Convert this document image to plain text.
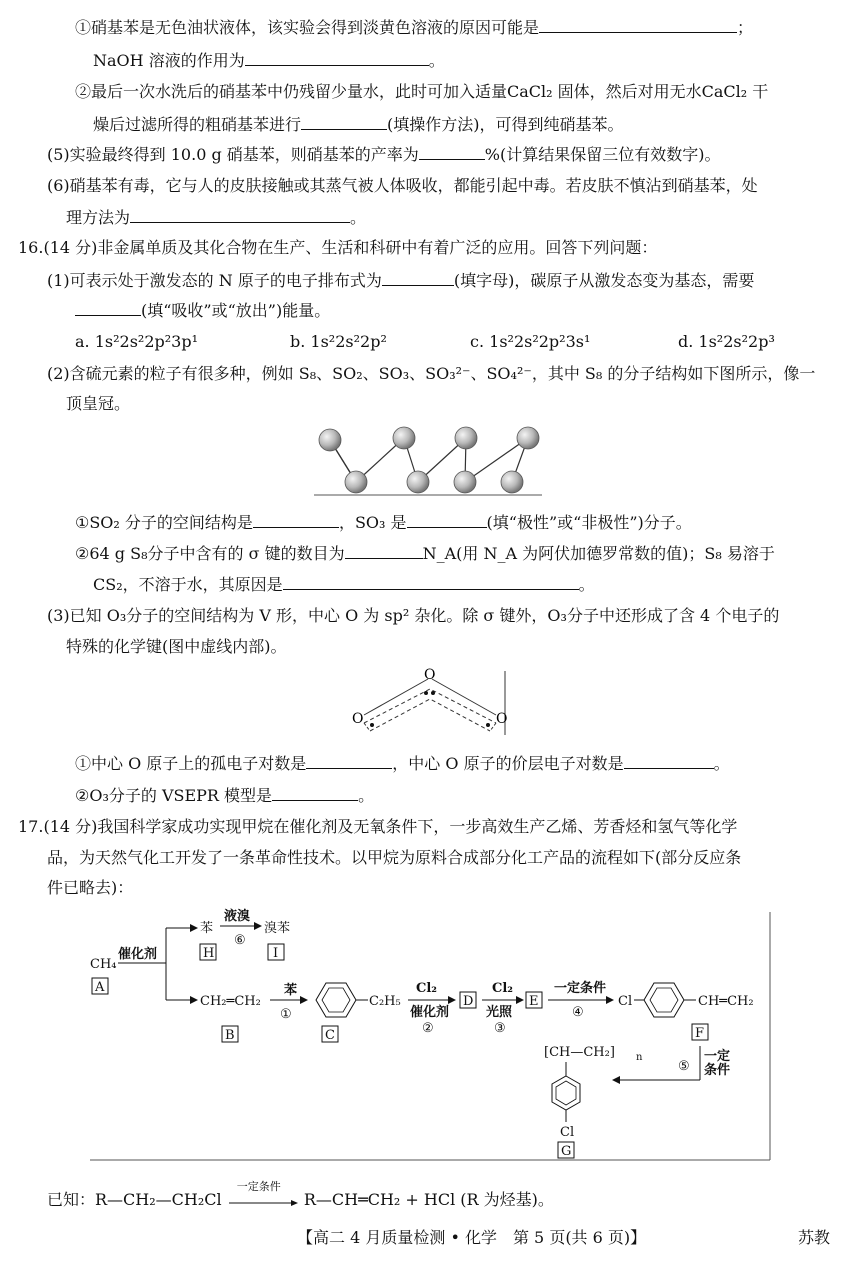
①硝基苯是无色油状液体，该实验会得到淡黄色溶液的原因可能是	；
NaOH 溶液的作用为	。
②最后一次水洗后的硝基苯中仍残留少量水，此时可加入适量CaCl₂ 固体，然后对用无水CaCl₂ 干
燥后过滤所得的粗硝基苯进行	(填操作方法)，可得到纯硝基苯。
(5)实验最终得到 10.0 g 硝基苯，则硝基苯的产率为	%(计算结果保留三位有效数字)。
(6)硝基苯有毒，它与人的皮肤接触或其蒸气被人体吸收，都能引起中毒。若皮肤不慎沾到硝基苯，处
理方法为	。
16.(14 分)非金属单质及其化合物在生产、生活和科研中有着广泛的应用。回答下列问题：
(1)可表示处于激发态的 N 原子的电子排布式为	(填字母)，碳原子从激发态变为基态，需要
(填“吸收”或“放出”)能量。
a. 1s²2s²2p²3p¹	b. 1s²2s²2p²	c. 1s²2s²2p²3s¹	d. 1s²2s²2p³
(2)含硫元素的粒子有很多种，例如 S₈、SO₂、SO₃、SO₃²⁻、SO₄²⁻，其中 S₈ 的分子结构如下图所示，像一
顶皇冠。
①SO₂ 分子的空间结构是	，SO₃ 是	(填“极性”或“非极性”)分子。
②64 g S₈分子中含有的 σ 键的数目为	N_A(用 N_A 为阿伏加德罗常数的值)；S₈ 易溶于
CS₂，不溶于水，其原因是	。
(3)已知 O₃分子的空间结构为 V 形，中心 O 为 sp² 杂化。除 σ 键外，O₃分子中还形成了含 4 个电子的
特殊的化学键(图中虚线内部)。
O
O	O
①中心 O 原子上的孤电子对数是	，中心 O 原子的价层电子对数是	。
②O₃分子的 VSEPR 模型是	。
17.(14 分)我国科学家成功实现甲烷在催化剂及无氧条件下，一步高效生产乙烯、芳香烃和氢气等化学
品，为天然气化工开发了一条革命性技术。以甲烷为原料合成部分化工产品的流程如下(部分反应条
件已略去)：
CH₄
A
催化剂
苯
H
液溴
⑥
溴苯
I
CH₂═CH₂
B
苯
①
C₂H₅
C
Cl₂
催化剂
②
D
Cl₂
光照
③
E
一定条件
④
Cl	CH═CH₂
F
⑤
一定
条件
[CH—CH₂] n
Cl
G
已知：R—CH₂—CH₂Cl
一定条件
R—CH═CH₂ + HCl (R 为烃基)。
【高二 4 月质量检测 • 化学　第 5 页(共 6 页)】	苏教
